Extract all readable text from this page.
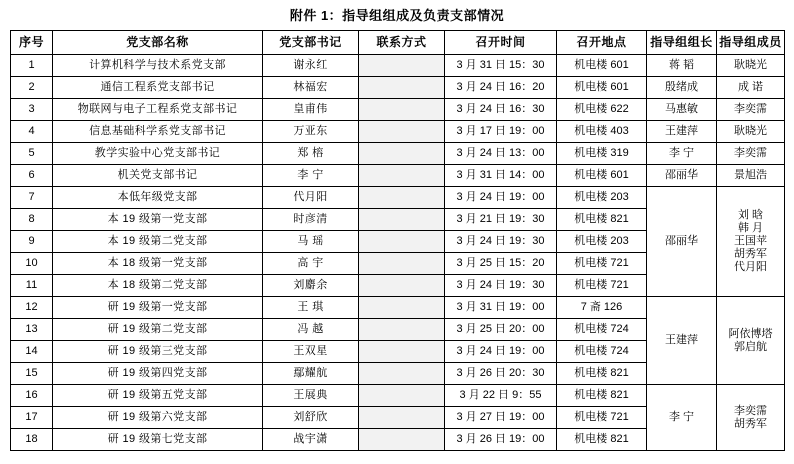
附件 1：指导组组成及负责支部情况
序号	党支部名称	党支部书记	联系方式	召开时间	召开地点	指导组组长	指导组成员
1	计算机科学与技术系党支部	谢永红		3 月 31 日 15：30	机电楼 601	蒋 韬	耿晓光

2	通信工程系党支部书记	林福宏		3 月 24 日 16：20	机电楼 601	殷绪成	成 诺

3	物联网与电子工程系党支部书记	皇甫伟		3 月 24 日 16：30	机电楼 622	马惠敏	李奕霈

4	信息基础科学系党支部书记	万亚东		3 月 17 日 19：00	机电楼 403	王建萍	耿晓光

5	教学实验中心党支部书记	郑 榕		3 月 24 日 13：00	机电楼 319	李 宁	李奕霈

6	机关党支部书记	李 宁		3 月 31 日 14：00	机电楼 601	邵丽华	景旭浩

7	本低年级党支部	代月阳		3 月 24 日 19：00	机电楼 203	邵丽华	刘 晗
韩 月
王国苹
胡秀军
代月阳

8	本 19 级第一党支部	时彦清		3 月 21 日 19：30	机电楼 821		
9	本 19 级第二党支部	马 瑶		3 月 24 日 19：30	机电楼 203		
10	本 18 级第一党支部	高 宇		3 月 25 日 15：20	机电楼 721		
11	本 18 级第二党支部	刘麝余		3 月 24 日 19：30	机电楼 721		
12	研 19 级第一党支部	王 琪		3 月 31 日 19：00	7 斋 126	王建萍	阿依博塔
郭启航

13	研 19 级第二党支部	冯 越		3 月 25 日 20：00	机电楼 724		
14	研 19 级第三党支部	王双星		3 月 24 日 19：00	机电楼 724		
15	研 19 级第四党支部	鄢耀航		3 月 26 日 20：30	机电楼 821		
16	研 19 级第五党支部	王展典		3 月 22 日 9：55	机电楼 821	李 宁	李奕霈
胡秀军

17	研 19 级第六党支部	刘舒欣		3 月 27 日 19：00	机电楼 721		
18	研 19 级第七党支部	战宇潇		3 月 26 日 19：00	机电楼 821		
